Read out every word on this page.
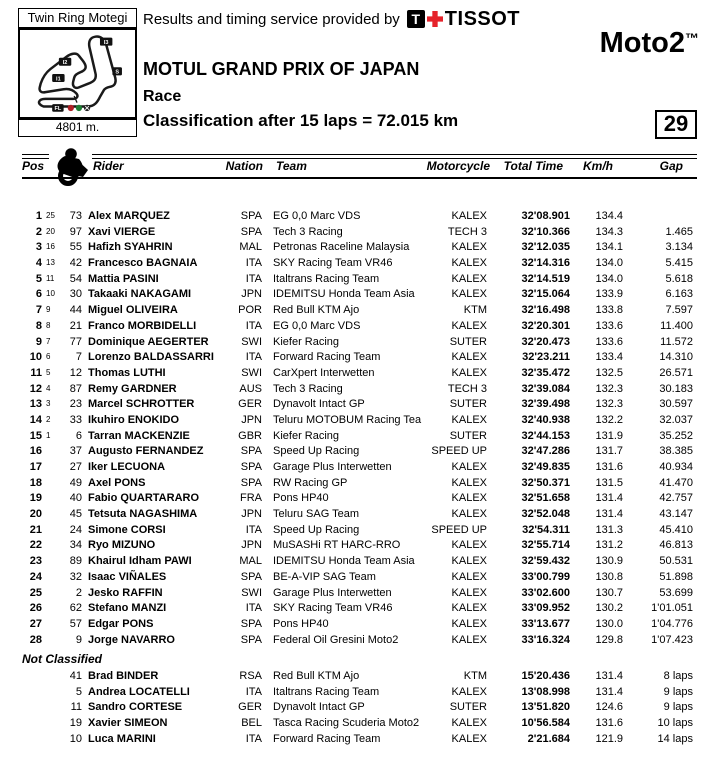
Twin Ring Motegi
I3
I2
I1
S
FL
4801 m.
Results and timing service provided by T TISSOT
Moto2™
MOTUL GRAND PRIX OF JAPAN
Race
Classification after 15 laps = 72.015 km	29
Pos	Rider	Nation Team	Motorcycle	Total Time	Km/h	Gap
1 25	73 Alex MARQUEZ	SPA EG 0,0 Marc VDS	KALEX	32'08.901	134.4
2 20	97 Xavi VIERGE	SPA Tech 3 Racing	TECH 3	32'10.366	134.3	1.465
3 16	55 Hafizh SYAHRIN	MAL Petronas Raceline Malaysia	KALEX	32'12.035	134.1	3.134
4 13	42 Francesco BAGNAIA	ITA SKY Racing Team VR46	KALEX	32'14.316	134.0	5.415
5 11	54 Mattia PASINI	ITA Italtrans Racing Team	KALEX	32'14.519	134.0	5.618
6 10	30 Takaaki NAKAGAMI	JPN IDEMITSU Honda Team Asia	KALEX	32'15.064	133.9	6.163
7 9	44 Miguel OLIVEIRA	POR Red Bull KTM Ajo	KTM	32'16.498	133.8	7.597
8 8	21 Franco MORBIDELLI	ITA EG 0,0 Marc VDS	KALEX	32'20.301	133.6	11.400
9 7	77 Dominique AEGERTER	SWI Kiefer Racing	SUTER	32'20.473	133.6	11.572
10 6	7 Lorenzo BALDASSARRI	ITA Forward Racing Team	KALEX	32'23.211	133.4	14.310
11 5	12 Thomas LUTHI	SWI CarXpert Interwetten	KALEX	32'35.472	132.5	26.571
12 4	87 Remy GARDNER	AUS Tech 3 Racing	TECH 3	32'39.084	132.3	30.183
13 3	23 Marcel SCHROTTER	GER Dynavolt Intact GP	SUTER	32'39.498	132.3	30.597
14 2	33 Ikuhiro ENOKIDO	JPN Teluru MOTOBUM Racing Tea	KALEX	32'40.938	132.2	32.037
15 1	6 Tarran MACKENZIE	GBR Kiefer Racing	SUTER	32'44.153	131.9	35.252
16	37 Augusto FERNANDEZ	SPA Speed Up Racing	SPEED UP	32'47.286	131.7	38.385
17	27 Iker LECUONA	SPA Garage Plus Interwetten	KALEX	32'49.835	131.6	40.934
18	49 Axel PONS	SPA RW Racing GP	KALEX	32'50.371	131.5	41.470
19	40 Fabio QUARTARARO	FRA Pons HP40	KALEX	32'51.658	131.4	42.757
20	45 Tetsuta NAGASHIMA	JPN Teluru SAG Team	KALEX	32'52.048	131.4	43.147
21	24 Simone CORSI	ITA Speed Up Racing	SPEED UP	32'54.311	131.3	45.410
22	34 Ryo MIZUNO	JPN MuSASHi RT HARC-RRO	KALEX	32'55.714	131.2	46.813
23	89 Khairul Idham PAWI	MAL IDEMITSU Honda Team Asia	KALEX	32'59.432	130.9	50.531
24	32 Isaac VIÑALES	SPA BE-A-VIP SAG Team	KALEX	33'00.799	130.8	51.898
25	2 Jesko RAFFIN	SWI Garage Plus Interwetten	KALEX	33'02.600	130.7	53.699
26	62 Stefano MANZI	ITA SKY Racing Team VR46	KALEX	33'09.952	130.2	1'01.051
27	57 Edgar PONS	SPA Pons HP40	KALEX	33'13.677	130.0	1'04.776
28	9 Jorge NAVARRO	SPA Federal Oil Gresini Moto2	KALEX	33'16.324	129.8	1'07.423
Not Classified
41 Brad BINDER	RSA Red Bull KTM Ajo	KTM	15'20.436	131.4	8 laps
5 Andrea LOCATELLI	ITA Italtrans Racing Team	KALEX	13'08.998	131.4	9 laps
11 Sandro CORTESE	GER Dynavolt Intact GP	SUTER	13'51.820	124.6	9 laps
19 Xavier SIMEON	BEL Tasca Racing Scuderia Moto2	KALEX	10'56.584	131.6	10 laps
10 Luca MARINI	ITA Forward Racing Team	KALEX	2'21.684	121.9	14 laps
